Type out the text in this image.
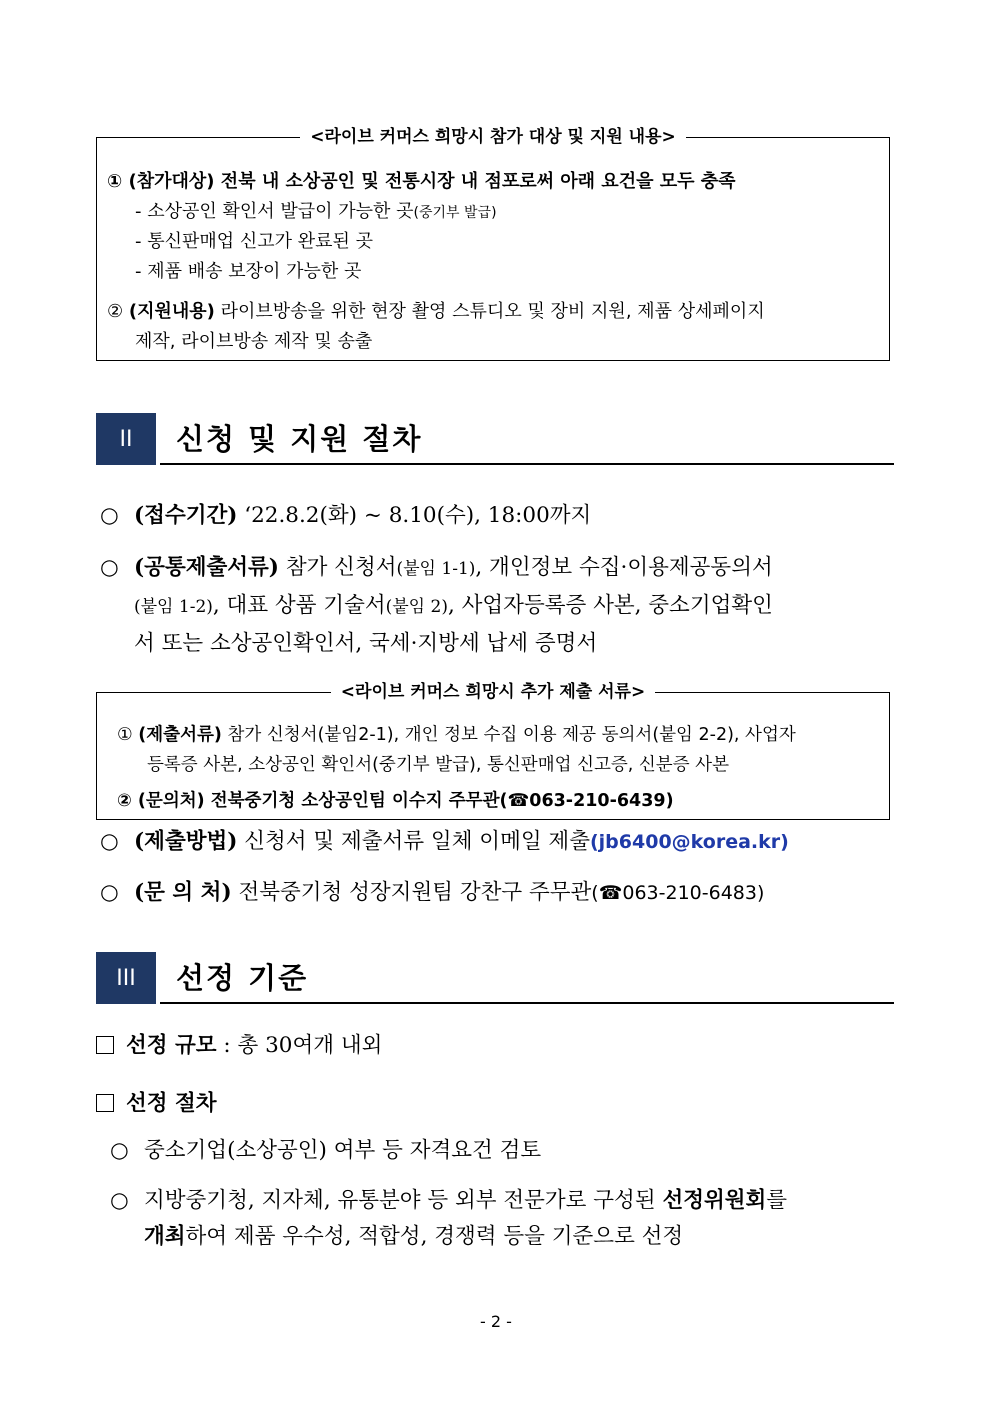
<라이브 커머스 희망시 참가 대상 및 지원 내용>
① (참가대상) 전북 내 소상공인 및 전통시장 내 점포로써 아래 요건을 모두 충족
- 소상공인 확인서 발급이 가능한 곳(중기부 발급)
- 통신판매업 신고가 완료된 곳
- 제품 배송 보장이 가능한 곳
② (지원내용) 라이브방송을 위한 현장 촬영 스튜디오 및 장비 지원, 제품 상세페이지
제작, 라이브방송 제작 및 송출
II	신청 및 지원 절차
○ (접수기간) ‘22.8.2(화) ~ 8.10(수), 18:00까지
○ (공통제출서류) 참가 신청서(붙임 1-1), 개인정보 수집·이용제공동의서
(붙임 1-2), 대표 상품 기술서(붙임 2), 사업자등록증 사본, 중소기업확인
서 또는 소상공인확인서, 국세·지방세 납세 증명서
<라이브 커머스 희망시 추가 제출 서류>
① (제출서류) 참가 신청서(붙임2-1), 개인 정보 수집 이용 제공 동의서(붙임 2-2), 사업자
등록증 사본, 소상공인 확인서(중기부 발급), 통신판매업 신고증, 신분증 사본
② (문의처) 전북중기청 소상공인팀 이수지 주무관(☎063-210-6439)
○ (제출방법) 신청서 및 제출서류 일체 이메일 제출(jb6400@korea.kr)
○ (문 의 처) 전북중기청 성장지원팀 강찬구 주무관(☎063-210-6483)
III	선정 기준
선정 규모 : 총 30여개 내외
선정 절차
○ 중소기업(소상공인) 여부 등 자격요건 검토
○ 지방중기청, 지자체, 유통분야 등 외부 전문가로 구성된 선정위원회를
개최하여 제품 우수성, 적합성, 경쟁력 등을 기준으로 선정
- 2 -
